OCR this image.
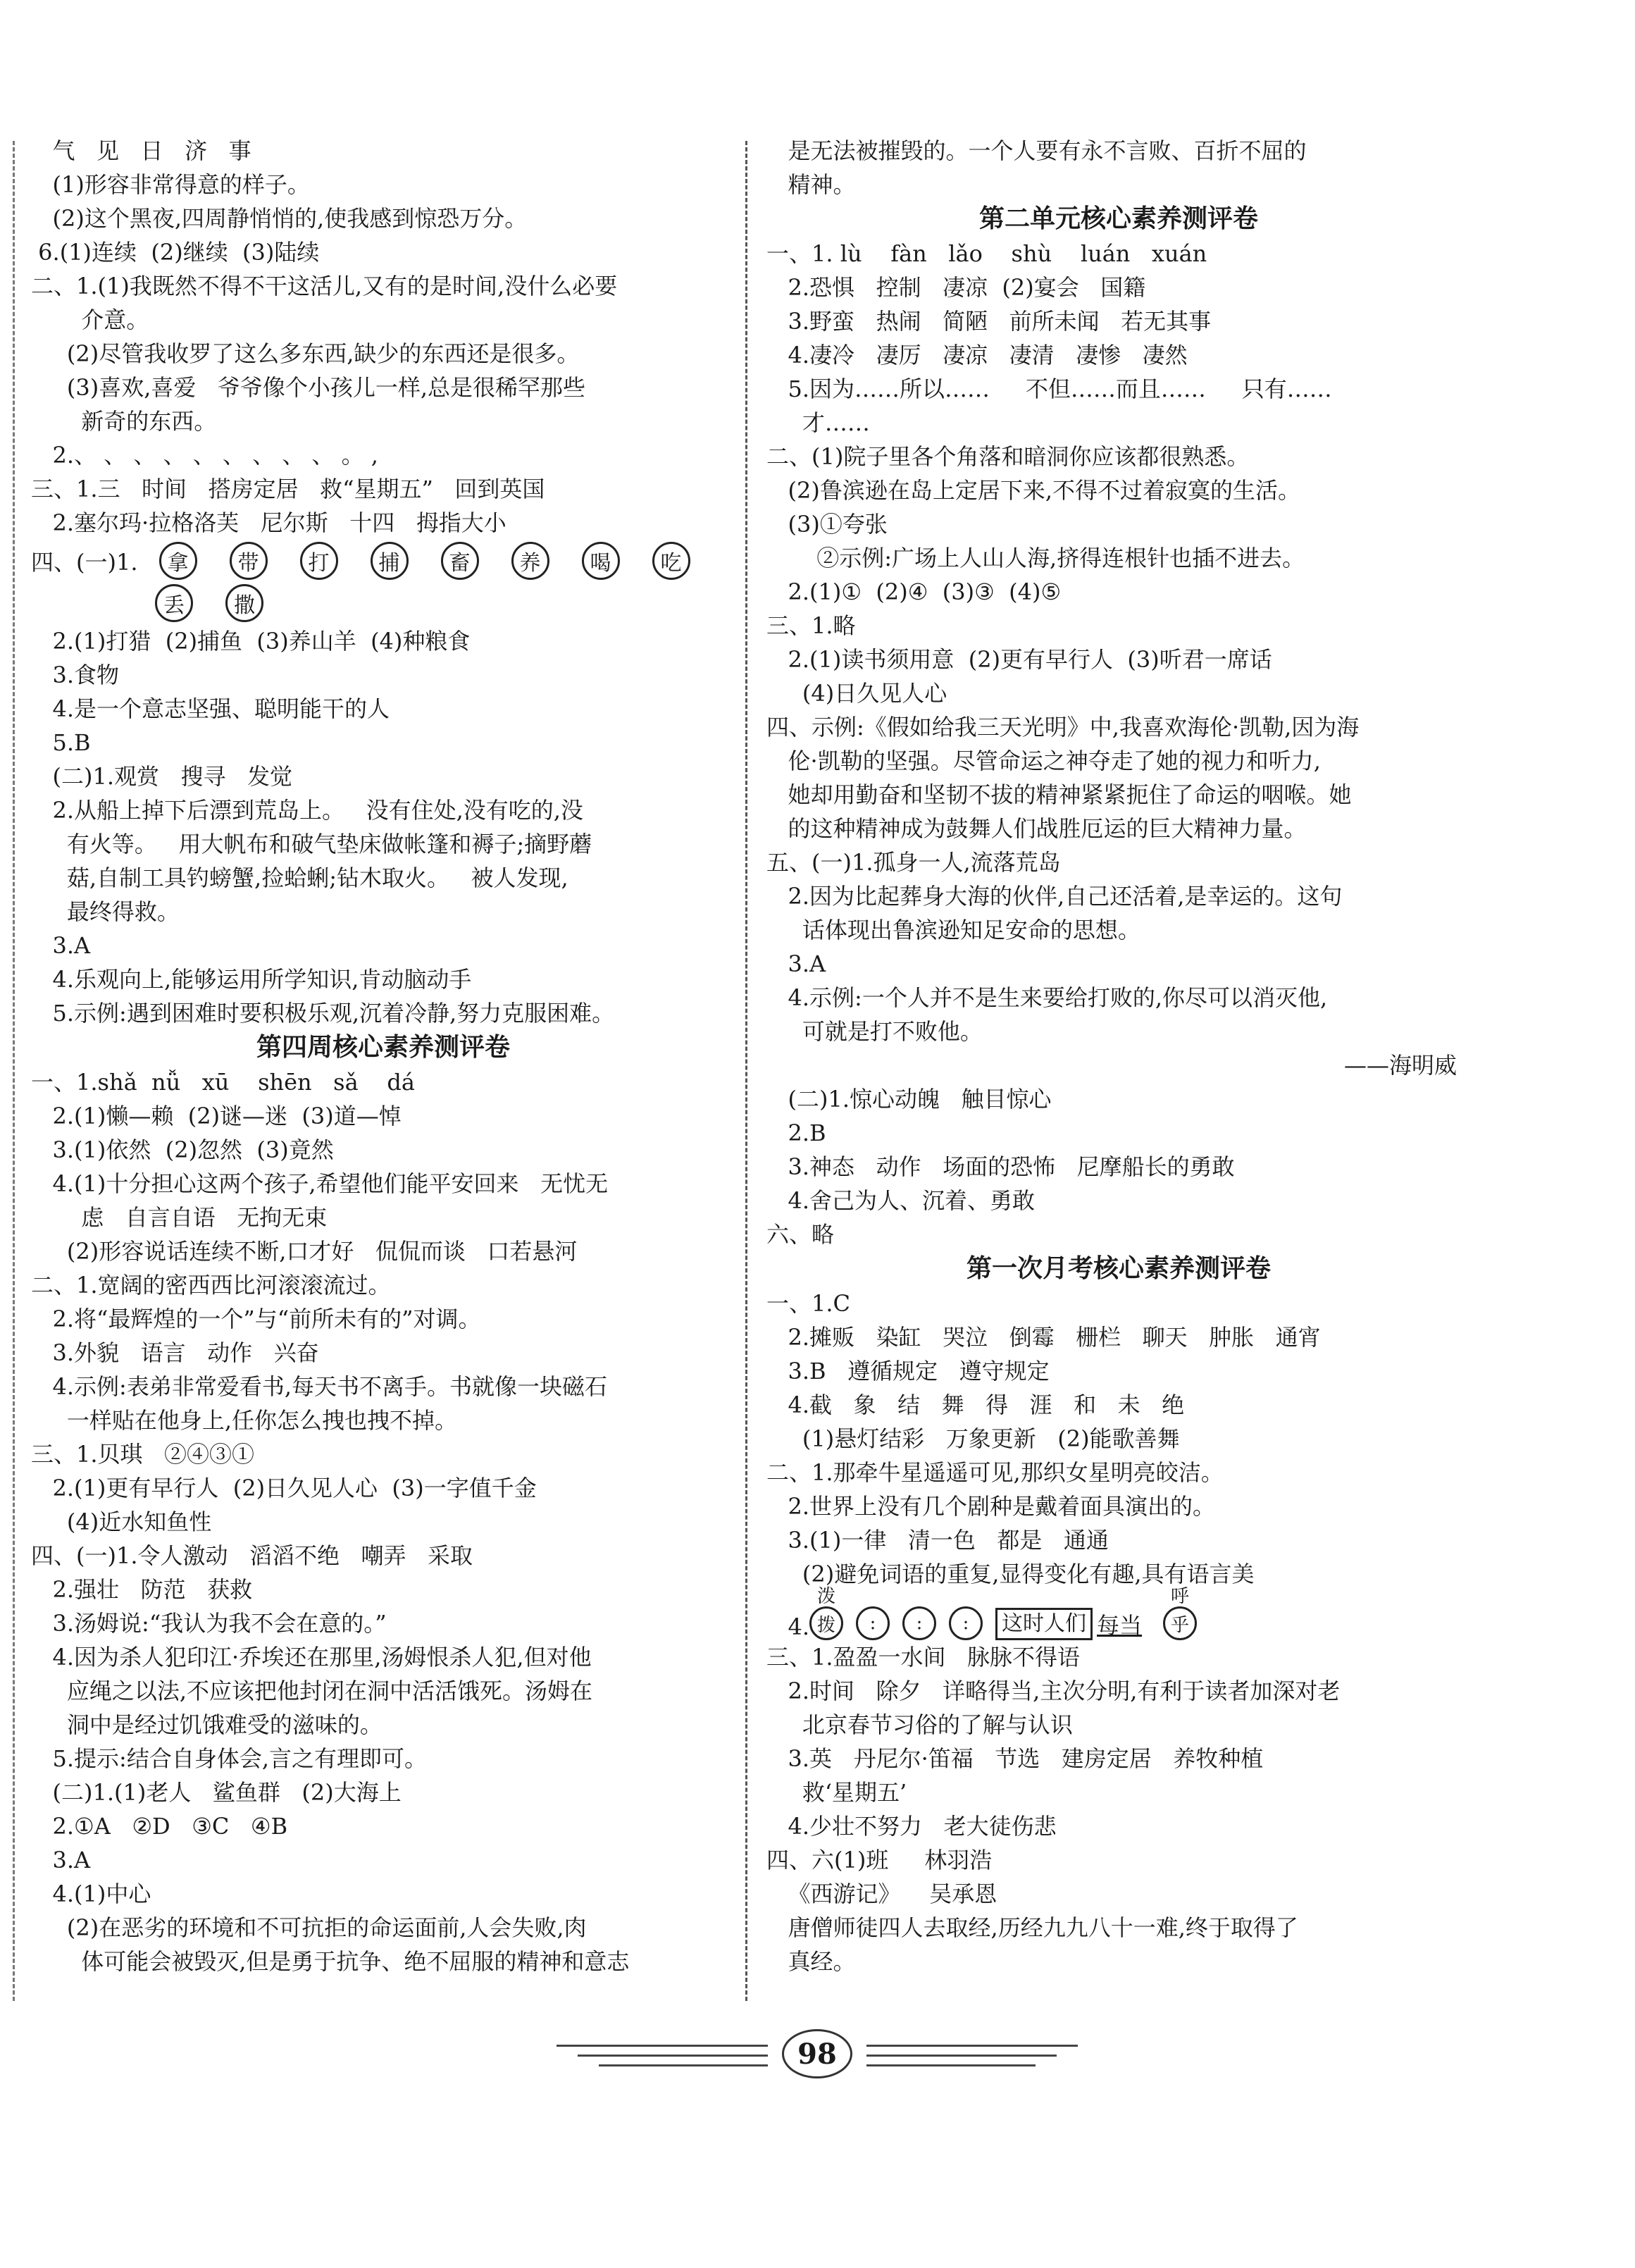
气   见   日   济   事
(1)形容非常得意的样子。
(2)这个黑夜,四周静悄悄的,使我感到惊恐万分。
6.(1)连续  (2)继续  (3)陆续
二、1.(1)我既然不得不干这活儿,又有的是时间,没什么必要
介意。
(2)尽管我收罗了这么多东西,缺少的东西还是很多。
(3)喜欢,喜爱   爷爷像个小孩儿一样,总是很稀罕那些
新奇的东西。
2.、 、 、 、 、 、 、 、 、 。 ,
三、1.三   时间   搭房定居   救“星期五”   回到英国
2.塞尔玛·拉格洛芙   尼尔斯   十四   拇指大小
四、(一)1.	拿	带	打	捕	畜	养	喝	吃
丢	撒
2.(1)打猎  (2)捕鱼  (3)养山羊  (4)种粮食
3.食物
4.是一个意志坚强、聪明能干的人
5.B
(二)1.观赏   搜寻   发觉
2.从船上掉下后漂到荒岛上。   没有住处,没有吃的,没
有火等。   用大帆布和破气垫床做帐篷和褥子;摘野蘑
菇,自制工具钓螃蟹,捡蛤蜊;钻木取火。   被人发现,
最终得救。
3.A
4.乐观向上,能够运用所学知识,肯动脑动手
5.示例:遇到困难时要积极乐观,沉着冷静,努力克服困难。
第四周核心素养测评卷
一、1.shǎ  nǚ   xū    shēn   sǎ    dá
2.(1)懒—赖  (2)谜—迷  (3)道—悼
3.(1)依然  (2)忽然  (3)竟然
4.(1)十分担心这两个孩子,希望他们能平安回来   无忧无
虑   自言自语   无拘无束
(2)形容说话连续不断,口才好   侃侃而谈   口若悬河
二、1.宽阔的密西西比河滚滚流过。
2.将“最辉煌的一个”与“前所未有的”对调。
3.外貌   语言   动作   兴奋
4.示例:表弟非常爱看书,每天书不离手。书就像一块磁石
一样贴在他身上,任你怎么拽也拽不掉。
三、1.贝琪   ②④③①
2.(1)更有早行人  (2)日久见人心  (3)一字值千金
(4)近水知鱼性
四、(一)1.令人激动   滔滔不绝   嘲弄   采取
2.强壮   防范   获救
3.汤姆说:“我认为我不会在意的。”
4.因为杀人犯印江·乔埃还在那里,汤姆恨杀人犯,但对他
应绳之以法,不应该把他封闭在洞中活活饿死。汤姆在
洞中是经过饥饿难受的滋味的。
5.提示:结合自身体会,言之有理即可。
(二)1.(1)老人   鲨鱼群   (2)大海上
2.①A   ②D   ③C   ④B
3.A
4.(1)中心
(2)在恶劣的环境和不可抗拒的命运面前,人会失败,肉
体可能会被毁灭,但是勇于抗争、绝不屈服的精神和意志
是无法被摧毁的。一个人要有永不言败、百折不屈的
精神。
第二单元核心素养测评卷
一、1. lù    fàn   lǎo    shù    luán   xuán
2.恐惧   控制   凄凉  (2)宴会   国籍
3.野蛮   热闹   简陋   前所未闻   若无其事
4.凄冷   凄厉   凄凉   凄清   凄惨   凄然
5.因为……所以……     不但……而且……     只有……
才……
二、(1)院子里各个角落和暗洞你应该都很熟悉。
(2)鲁滨逊在岛上定居下来,不得不过着寂寞的生活。
(3)①夸张
②示例:广场上人山人海,挤得连根针也插不进去。
2.(1)①  (2)④  (3)③  (4)⑤
三、1.略
2.(1)读书须用意  (2)更有早行人  (3)听君一席话
(4)日久见人心
四、示例:《假如给我三天光明》中,我喜欢海伦·凯勒,因为海
伦·凯勒的坚强。尽管命运之神夺走了她的视力和听力,
她却用勤奋和坚韧不拔的精神紧紧扼住了命运的咽喉。她
的这种精神成为鼓舞人们战胜厄运的巨大精神力量。
五、(一)1.孤身一人,流落荒岛
2.因为比起葬身大海的伙伴,自己还活着,是幸运的。这句
话体现出鲁滨逊知足安命的思想。
3.A
4.示例:一个人并不是生来要给打败的,你尽可以消灭他,
可就是打不败他。
——海明威
(二)1.惊心动魄   触目惊心
2.B
3.神态   动作   场面的恐怖   尼摩船长的勇敢
4.舍己为人、沉着、勇敢
六、略
第一次月考核心素养测评卷
一、1.C
2.摊贩   染缸   哭泣   倒霉   栅栏   聊天   肿胀   通宵
3.B   遵循规定   遵守规定
4.截   象   结   舞   得   涯   和   未   绝
(1)悬灯结彩   万象更新   (2)能歌善舞
二、1.那牵牛星遥遥可见,那织女星明亮皎洁。
2.世界上没有几个剧种是戴着面具演出的。
3.(1)一律   清一色   都是   通通
(2)避免词语的重复,显得变化有趣,具有语言美
4.
泼
拨	:	:	:	这时人们 每当
呼
乎
三、1.盈盈一水间   脉脉不得语
2.时间   除夕   详略得当,主次分明,有利于读者加深对老
北京春节习俗的了解与认识
3.英   丹尼尔·笛福   节选   建房定居   养牧种植
救‘星期五’
4.少壮不努力   老大徒伤悲
四、六(1)班     林羽浩
《西游记》    吴承恩
唐僧师徒四人去取经,历经九九八十一难,终于取得了
真经。
98
